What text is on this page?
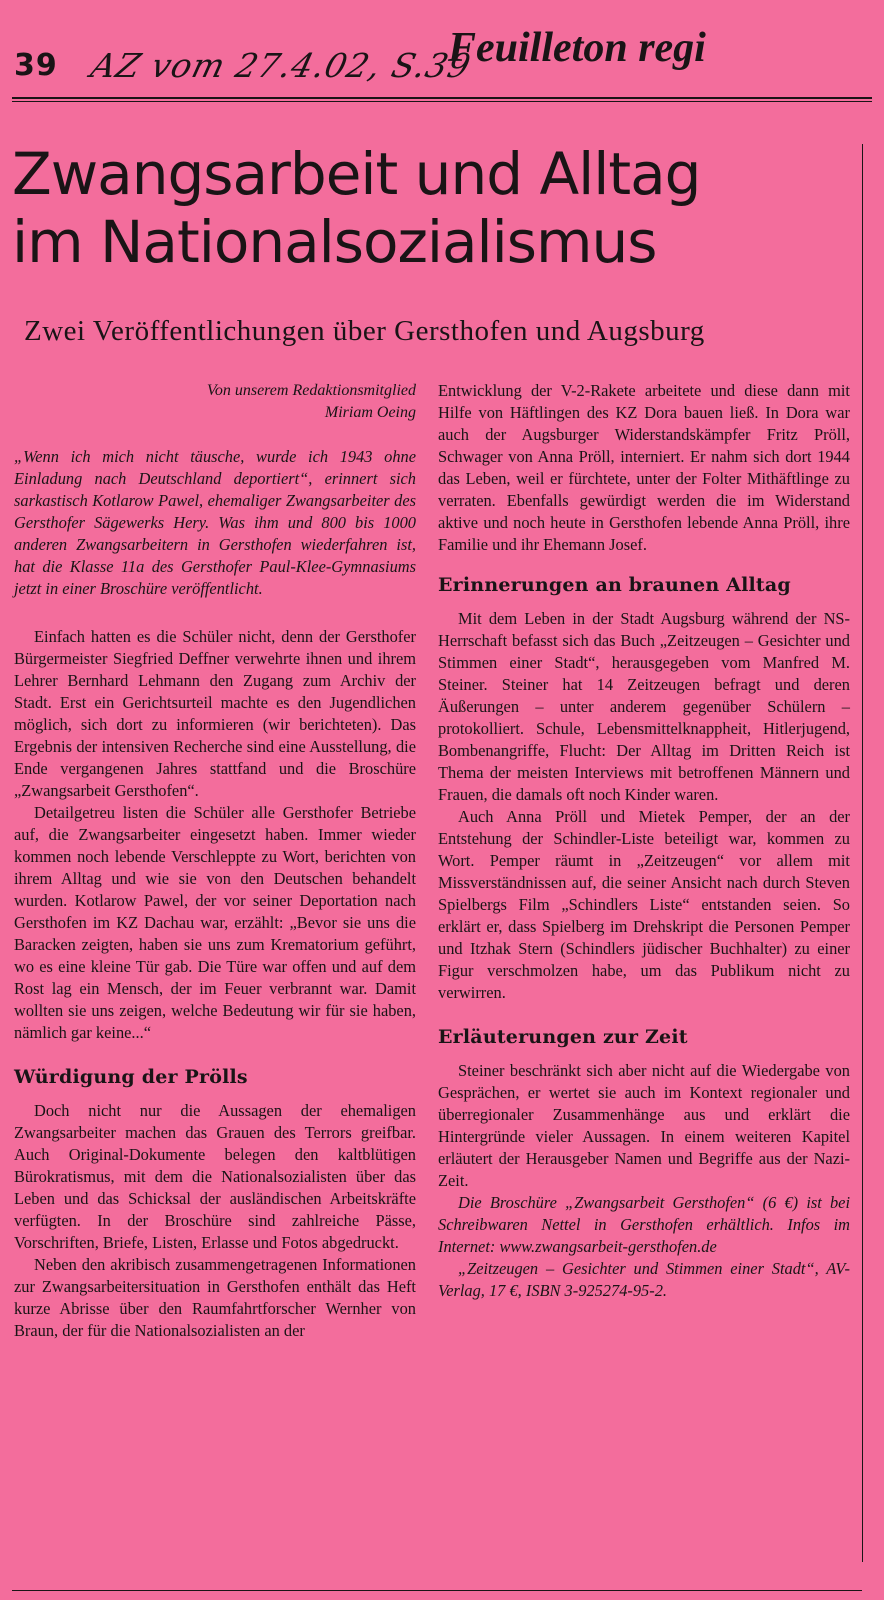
39 AZ vom 27.4.02, S.39
Feuilleton regi
Zwangsarbeit und Alltag
im Nationalsozialismus
Zwei Veröffentlichungen über Gersthofen und Augsburg
Von unserem Redaktionsmitglied
Miriam Oeing

„Wenn ich mich nicht täusche, wurde ich 1943 ohne Einladung nach Deutschland deportiert“, erinnert sich sarkastisch Kotlarow Pawel, ehemaliger Zwangsarbeiter des Gersthofer Sägewerks Hery. Was ihm und 800 bis 1000 anderen Zwangsarbeitern in Gersthofen wiederfahren ist, hat die Klasse 11a des Gersthofer Paul-Klee-Gymnasiums jetzt in einer Broschüre veröffentlicht.

Einfach hatten es die Schüler nicht, denn der Gersthofer Bürgermeister Siegfried Deffner verwehrte ihnen und ihrem Lehrer Bernhard Lehmann den Zugang zum Archiv der Stadt. Erst ein Gerichtsurteil machte es den Jugendlichen möglich, sich dort zu informieren (wir berichteten). Das Ergebnis der intensiven Recherche sind eine Ausstellung, die Ende vergangenen Jahres stattfand und die Broschüre „Zwangsarbeit Gersthofen“.

Detailgetreu listen die Schüler alle Gersthofer Betriebe auf, die Zwangsarbeiter eingesetzt haben. Immer wieder kommen noch lebende Verschleppte zu Wort, berichten von ihrem Alltag und wie sie von den Deutschen behandelt wurden. Kotlarow Pawel, der vor seiner Deportation nach Gersthofen im KZ Dachau war, erzählt: „Bevor sie uns die Baracken zeigten, haben sie uns zum Krematorium geführt, wo es eine kleine Tür gab. Die Türe war offen und auf dem Rost lag ein Mensch, der im Feuer verbrannt war. Damit wollten sie uns zeigen, welche Bedeutung wir für sie haben, nämlich gar keine...“

Würdigung der Prölls

Doch nicht nur die Aussagen der ehemaligen Zwangsarbeiter machen das Grauen des Terrors greifbar. Auch Original-Dokumente belegen den kaltblütigen Bürokratismus, mit dem die Nationalsozialisten über das Leben und das Schicksal der ausländischen Arbeitskräfte verfügten. In der Broschüre sind zahlreiche Pässe, Vorschriften, Briefe, Listen, Erlasse und Fotos abgedruckt.

Neben den akribisch zusammengetragenen Informationen zur Zwangsarbeitersituation in Gersthofen enthält das Heft kurze Abrisse über den Raumfahrtforscher Wernher von Braun, der für die Nationalsozialisten an der

Entwicklung der V-2-Rakete arbeitete und diese dann mit Hilfe von Häftlingen des KZ Dora bauen ließ. In Dora war auch der Augsburger Widerstandskämpfer Fritz Pröll, Schwager von Anna Pröll, interniert. Er nahm sich dort 1944 das Leben, weil er fürchtete, unter der Folter Mithäftlinge zu verraten. Ebenfalls gewürdigt werden die im Widerstand aktive und noch heute in Gersthofen lebende Anna Pröll, ihre Familie und ihr Ehemann Josef.

Erinnerungen an braunen Alltag

Mit dem Leben in der Stadt Augsburg während der NS-Herrschaft befasst sich das Buch „Zeitzeugen – Gesichter und Stimmen einer Stadt“, herausgegeben vom Manfred M. Steiner. Steiner hat 14 Zeitzeugen befragt und deren Äußerungen – unter anderem gegenüber Schülern – protokolliert. Schule, Lebensmittelknappheit, Hitlerjugend, Bombenangriffe, Flucht: Der Alltag im Dritten Reich ist Thema der meisten Interviews mit betroffenen Männern und Frauen, die damals oft noch Kinder waren.

Auch Anna Pröll und Mietek Pemper, der an der Entstehung der Schindler-Liste beteiligt war, kommen zu Wort. Pemper räumt in „Zeitzeugen“ vor allem mit Missverständnissen auf, die seiner Ansicht nach durch Steven Spielbergs Film „Schindlers Liste“ entstanden seien. So erklärt er, dass Spielberg im Drehskript die Personen Pemper und Itzhak Stern (Schindlers jüdischer Buchhalter) zu einer Figur verschmolzen habe, um das Publikum nicht zu verwirren.

Erläuterungen zur Zeit

Steiner beschränkt sich aber nicht auf die Wiedergabe von Gesprächen, er wertet sie auch im Kontext regionaler und überregionaler Zusammenhänge aus und erklärt die Hintergründe vieler Aussagen. In einem weiteren Kapitel erläutert der Herausgeber Namen und Begriffe aus der Nazi-Zeit.

Die Broschüre „Zwangsarbeit Gersthofen“ (6 €) ist bei Schreibwaren Nettel in Gersthofen erhältlich. Infos im Internet: www.zwangsarbeit-gersthofen.de

„Zeitzeugen – Gesichter und Stimmen einer Stadt“, AV-Verlag, 17 €, ISBN 3-925274-95-2.
